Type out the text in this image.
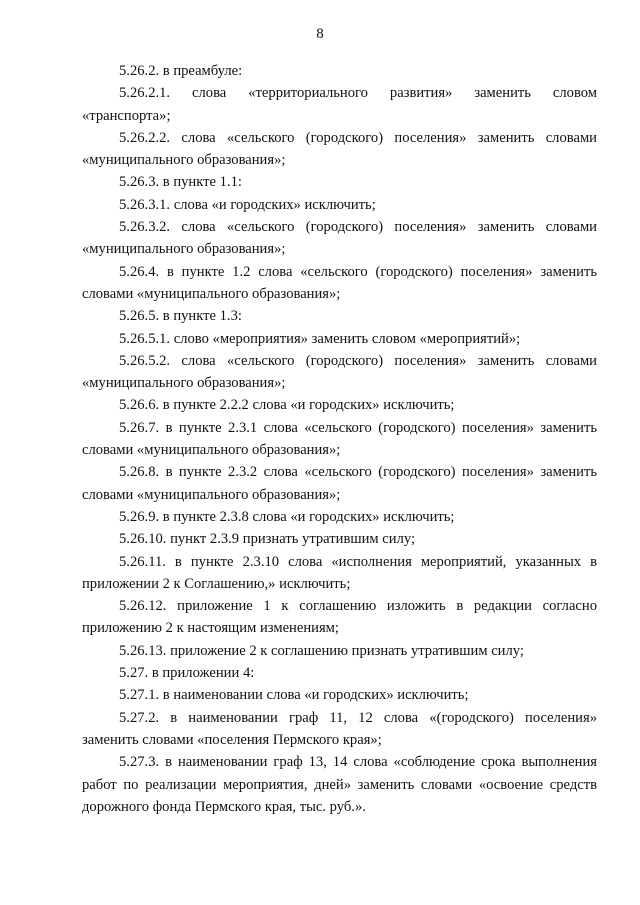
8

5.26.2. в преамбуле:

5.26.2.1. слова «территориального развития» заменить словом «транспорта»;

5.26.2.2. слова «сельского (городского) поселения» заменить словами «муниципального образования»;

5.26.3. в пункте 1.1:

5.26.3.1. слова «и городских» исключить;

5.26.3.2. слова «сельского (городского) поселения» заменить словами «муниципального образования»;

5.26.4. в пункте 1.2 слова «сельского (городского) поселения» заменить словами «муниципального образования»;

5.26.5. в пункте 1.3:

5.26.5.1. слово «мероприятия» заменить словом «мероприятий»;

5.26.5.2. слова «сельского (городского) поселения» заменить словами «муниципального образования»;

5.26.6. в пункте 2.2.2 слова «и городских» исключить;

5.26.7. в пункте 2.3.1 слова «сельского (городского) поселения» заменить словами «муниципального образования»;

5.26.8. в пункте 2.3.2 слова «сельского (городского) поселения» заменить словами «муниципального образования»;

5.26.9. в пункте 2.3.8 слова «и городских» исключить;

5.26.10. пункт 2.3.9 признать утратившим силу;

5.26.11. в пункте 2.3.10 слова «исполнения мероприятий, указанных в приложении 2 к Соглашению,» исключить;

5.26.12. приложение 1 к соглашению изложить в редакции согласно приложению 2 к настоящим изменениям;

5.26.13. приложение 2 к соглашению признать утратившим силу;

5.27. в приложении 4:

5.27.1. в наименовании слова «и городских» исключить;

5.27.2. в наименовании граф 11, 12 слова «(городского) поселения» заменить словами «поселения Пермского края»;

5.27.3. в наименовании граф 13, 14 слова «соблюдение срока выполнения работ по реализации мероприятия, дней» заменить словами «освоение средств дорожного фонда Пермского края, тыс. руб.».
